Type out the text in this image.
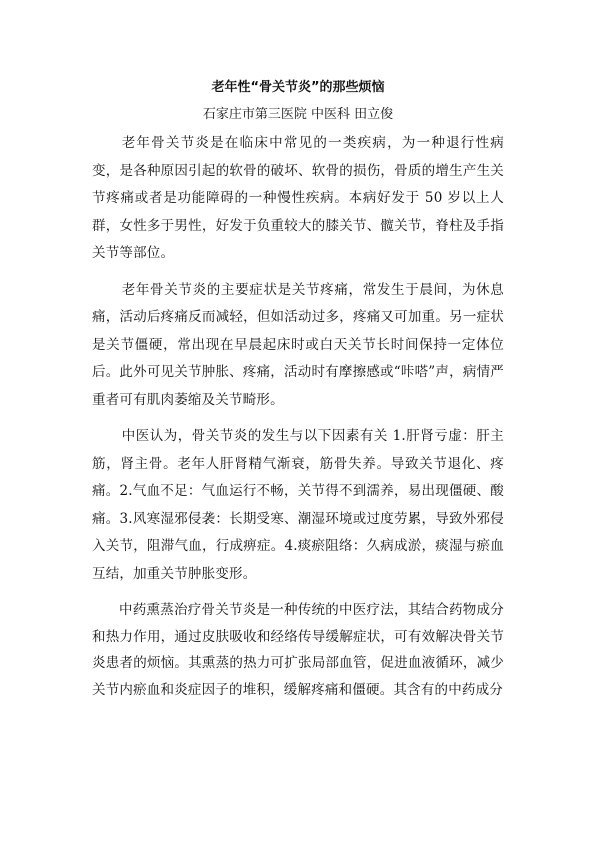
老年性“骨关节炎”的那些烦恼
石家庄市第三医院 中医科 田立俊

老年骨关节炎是在临床中常见的一类疾病，为一种退行性病变，是各种原因引起的软骨的破坏、软骨的损伤，骨质的增生产生关节疼痛或者是功能障碍的一种慢性疾病。本病好发于 50 岁以上人群，女性多于男性，好发于负重较大的膝关节、髋关节，脊柱及手指关节等部位。

老年骨关节炎的主要症状是关节疼痛，常发生于晨间，为休息痛，活动后疼痛反而减轻，但如活动过多，疼痛又可加重。另一症状是关节僵硬，常出现在早晨起床时或白天关节长时间保持一定体位后。此外可见关节肿胀、疼痛，活动时有摩擦感或“咔嗒”声，病情严重者可有肌肉萎缩及关节畸形。

中医认为，骨关节炎的发生与以下因素有关 1.肝肾亏虚：肝主筋，肾主骨。老年人肝肾精气渐衰，筋骨失养。导致关节退化、疼痛。2.气血不足：气血运行不畅，关节得不到濡养，易出现僵硬、酸痛。3.风寒湿邪侵袭：长期受寒、潮湿环境或过度劳累，导致外邪侵入关节，阻滞气血，行成痹症。4.痰瘀阻络：久病成淤，痰湿与瘀血互结，加重关节肿胀变形。

中药熏蒸治疗骨关节炎是一种传统的中医疗法，其结合药物成分和热力作用，通过皮肤吸收和经络传导缓解症状，可有效解决骨关节炎患者的烦恼。其熏蒸的热力可扩张局部血管，促进血液循环，减少关节内瘀血和炎症因子的堆积，缓解疼痛和僵硬。其含有的中药成分
